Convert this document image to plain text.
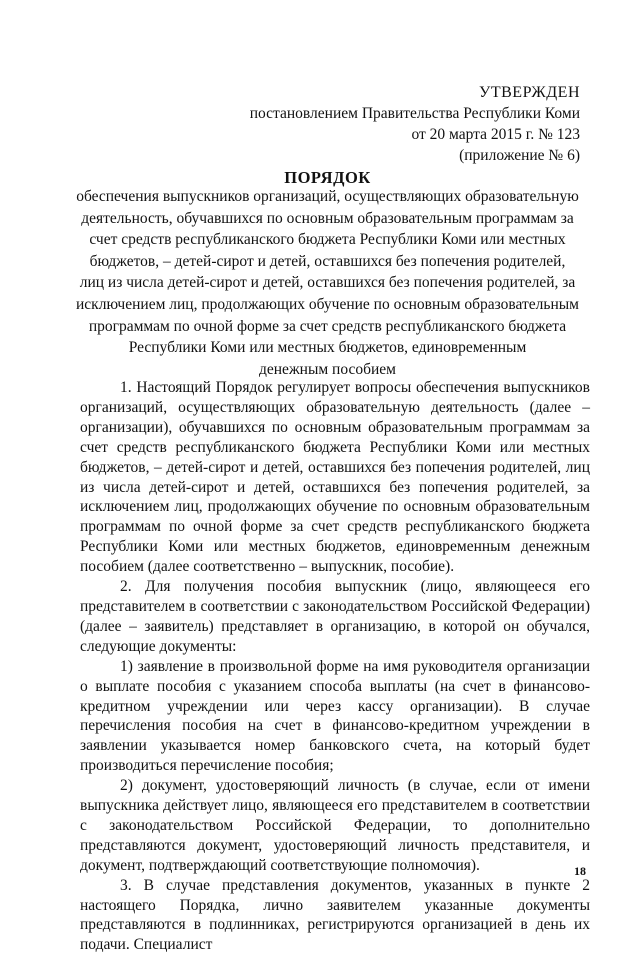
УТВЕРЖДЕН
постановлением Правительства Республики Коми
от 20 марта 2015 г. № 123
(приложение № 6)
ПОРЯДОК
обеспечения выпускников организаций, осуществляющих образовательную
деятельность, обучавшихся по основным образовательным программам за
счет средств республиканского бюджета Республики Коми или местных
бюджетов, – детей-сирот и детей, оставшихся без попечения родителей,
лиц из числа детей-сирот и детей, оставшихся без попечения родителей, за
исключением лиц, продолжающих обучение по основным образовательным
программам по очной форме за счет средств республиканского бюджета
Республики Коми или местных бюджетов, единовременным
денежным пособием

1. Настоящий Порядок регулирует вопросы обеспечения выпускников организаций, осуществляющих образовательную деятельность (далее – организации), обучавшихся по основным образовательным программам за счет средств республиканского бюджета Республики Коми или местных бюджетов, – детей-сирот и детей, оставшихся без попечения родителей, лиц из числа детей-сирот и детей, оставшихся без попечения родителей, за исключением лиц, продолжающих обучение по основным образовательным программам по очной форме за счет средств республиканского бюджета Республики Коми или местных бюджетов, единовременным денежным пособием (далее соответственно – выпускник, пособие).

2. Для получения пособия выпускник (лицо, являющееся его представителем в соответствии с законодательством Российской Федерации) (далее – заявитель) представляет в организацию, в которой он обучался, следующие документы:

1) заявление в произвольной форме на имя руководителя организации о выплате пособия с указанием способа выплаты (на счет в финансово-кредитном учреждении или через кассу организации). В случае перечисления пособия на счет в финансово-кредитном учреждении в заявлении указывается номер банковского счета, на который будет производиться перечисление пособия;

2) документ, удостоверяющий личность (в случае, если от имени выпускника действует лицо, являющееся его представителем в соответствии с законодательством Российской Федерации, то дополнительно представляются документ, удостоверяющий личность представителя, и документ, подтверждающий соответствующие полномочия).

3. В случае представления документов, указанных в пункте 2 настоящего Порядка, лично заявителем указанные документы представляются в подлинниках, регистрируются организацией в день их подачи. Специалист

18
